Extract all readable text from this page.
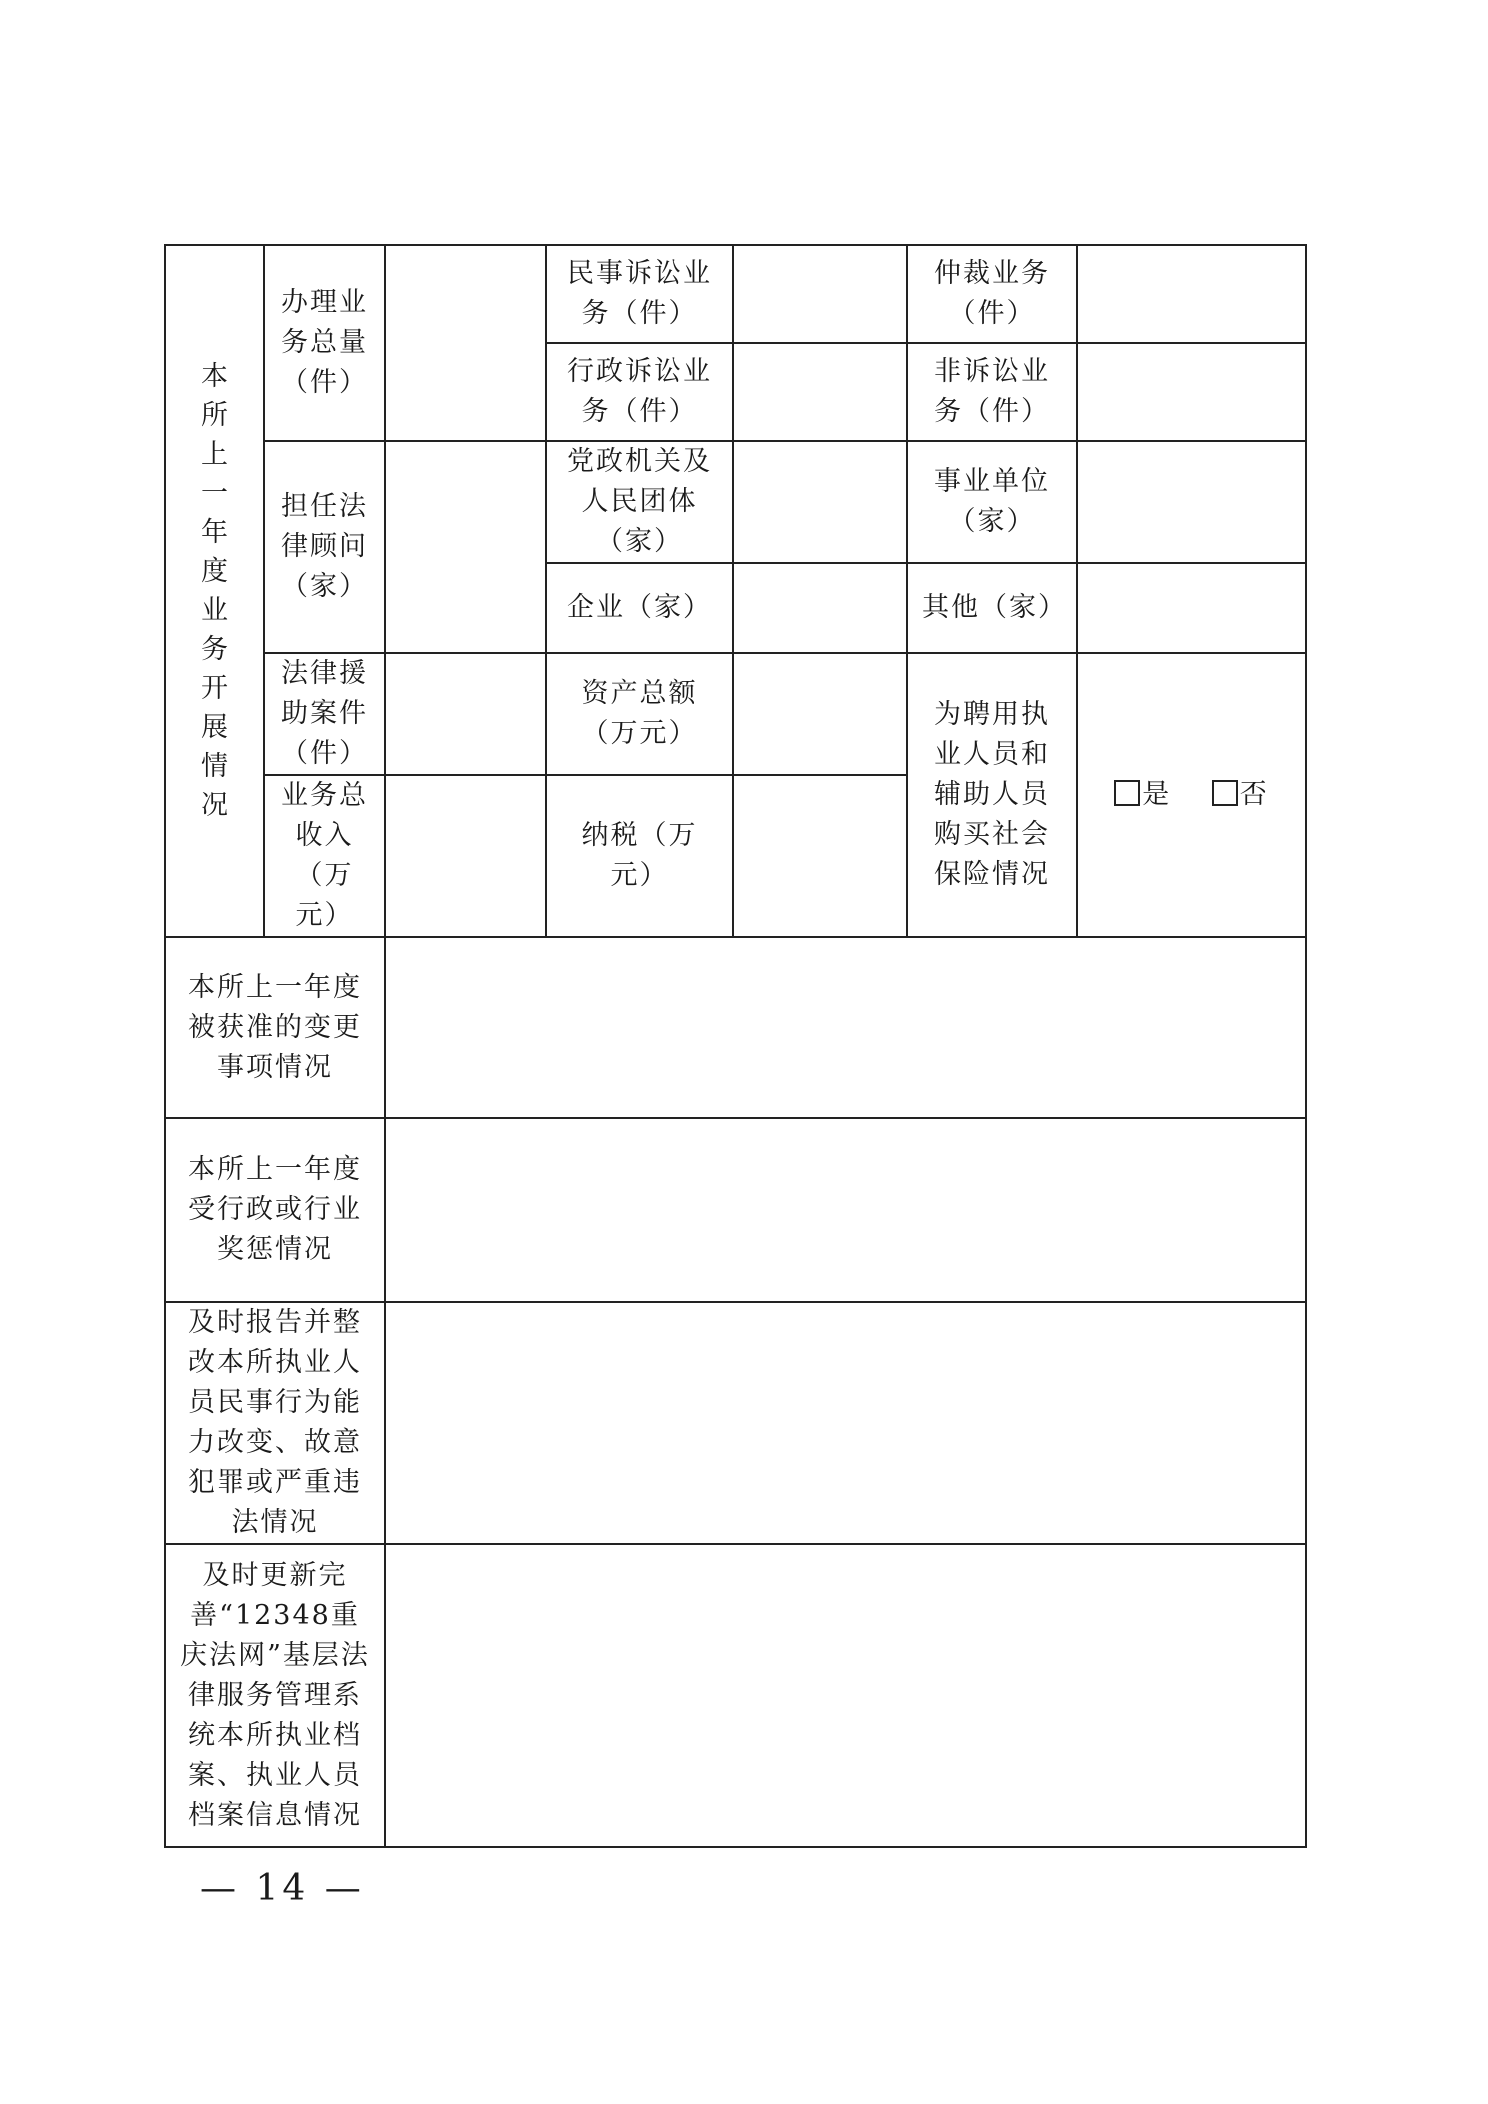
本所上一年度业务开展情况	办理业务总量（件）		民事诉讼业务（件）		仲裁业务（件）	
			行政诉讼业务（件）		非诉讼业务（件）	
	担任法律顾问（家）		党政机关及人民团体（家）		事业单位（家）	
			企业（家）		其他（家）	
	法律援助案件（件）		资产总额（万元）		为聘用执业人员和辅助人员购买社会保险情况	是 否
	业务总收入（万元）		纳税（万元）			
本所上一年度被获准的变更事项情况						
本所上一年度受行政或行业奖惩情况						
及时报告并整改本所执业人员民事行为能力改变、故意犯罪或严重违法情况						
及时更新完善“12348重庆法网”基层法律服务管理系统本所执业档案、执业人员档案信息情况						
— 14 —
